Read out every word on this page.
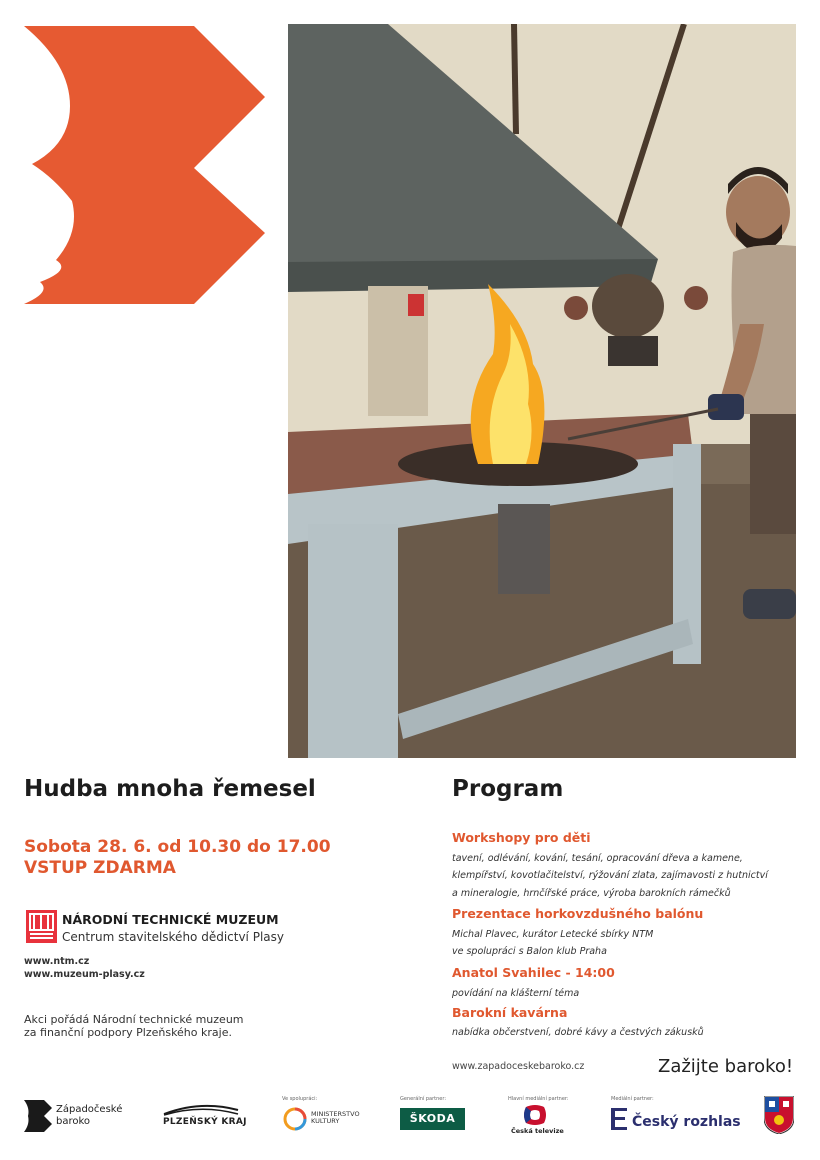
Hudba mnoha řemesel
Sobota 28. 6. od 10.30 do 17.00
VSTUP ZDARMA
NÁRODNÍ TECHNICKÉ MUZEUM
Centrum stavitelského dědictví Plasy
www.ntm.cz
www.muzeum-plasy.cz
Akci pořádá Národní technické muzeum
za finanční podpory Plzeňského kraje.
Program
Workshopy pro děti
tavení, odlévání, kování, tesání, opracování dřeva a kamene,
klempířství, kovotlačitelství, rýžování zlata, zajímavosti z hutnictví
a mineralogie, hrnčířské práce, výroba barokních rámečků
Prezentace horkovzdušného balónu
Michal Plavec, kurátor Letecké sbírky NTM
ve spolupráci s Balon klub Praha
Anatol Svahilec - 14:00
povídání na klášterní téma
Barokní kavárna
nabídka občerstvení, dobré kávy a čestvých zákusků
www.zapadoceskebaroko.cz	Zažijte baroko!
Západočeské
baroko	PLZEŇSKÝ KRAJ
Ve spolupráci:
MINISTERSTVO
KULTURY
Generální partner:
ŠKODA
Hlavní mediální partner:
Česká televize
Mediální partner:
Český rozhlas
